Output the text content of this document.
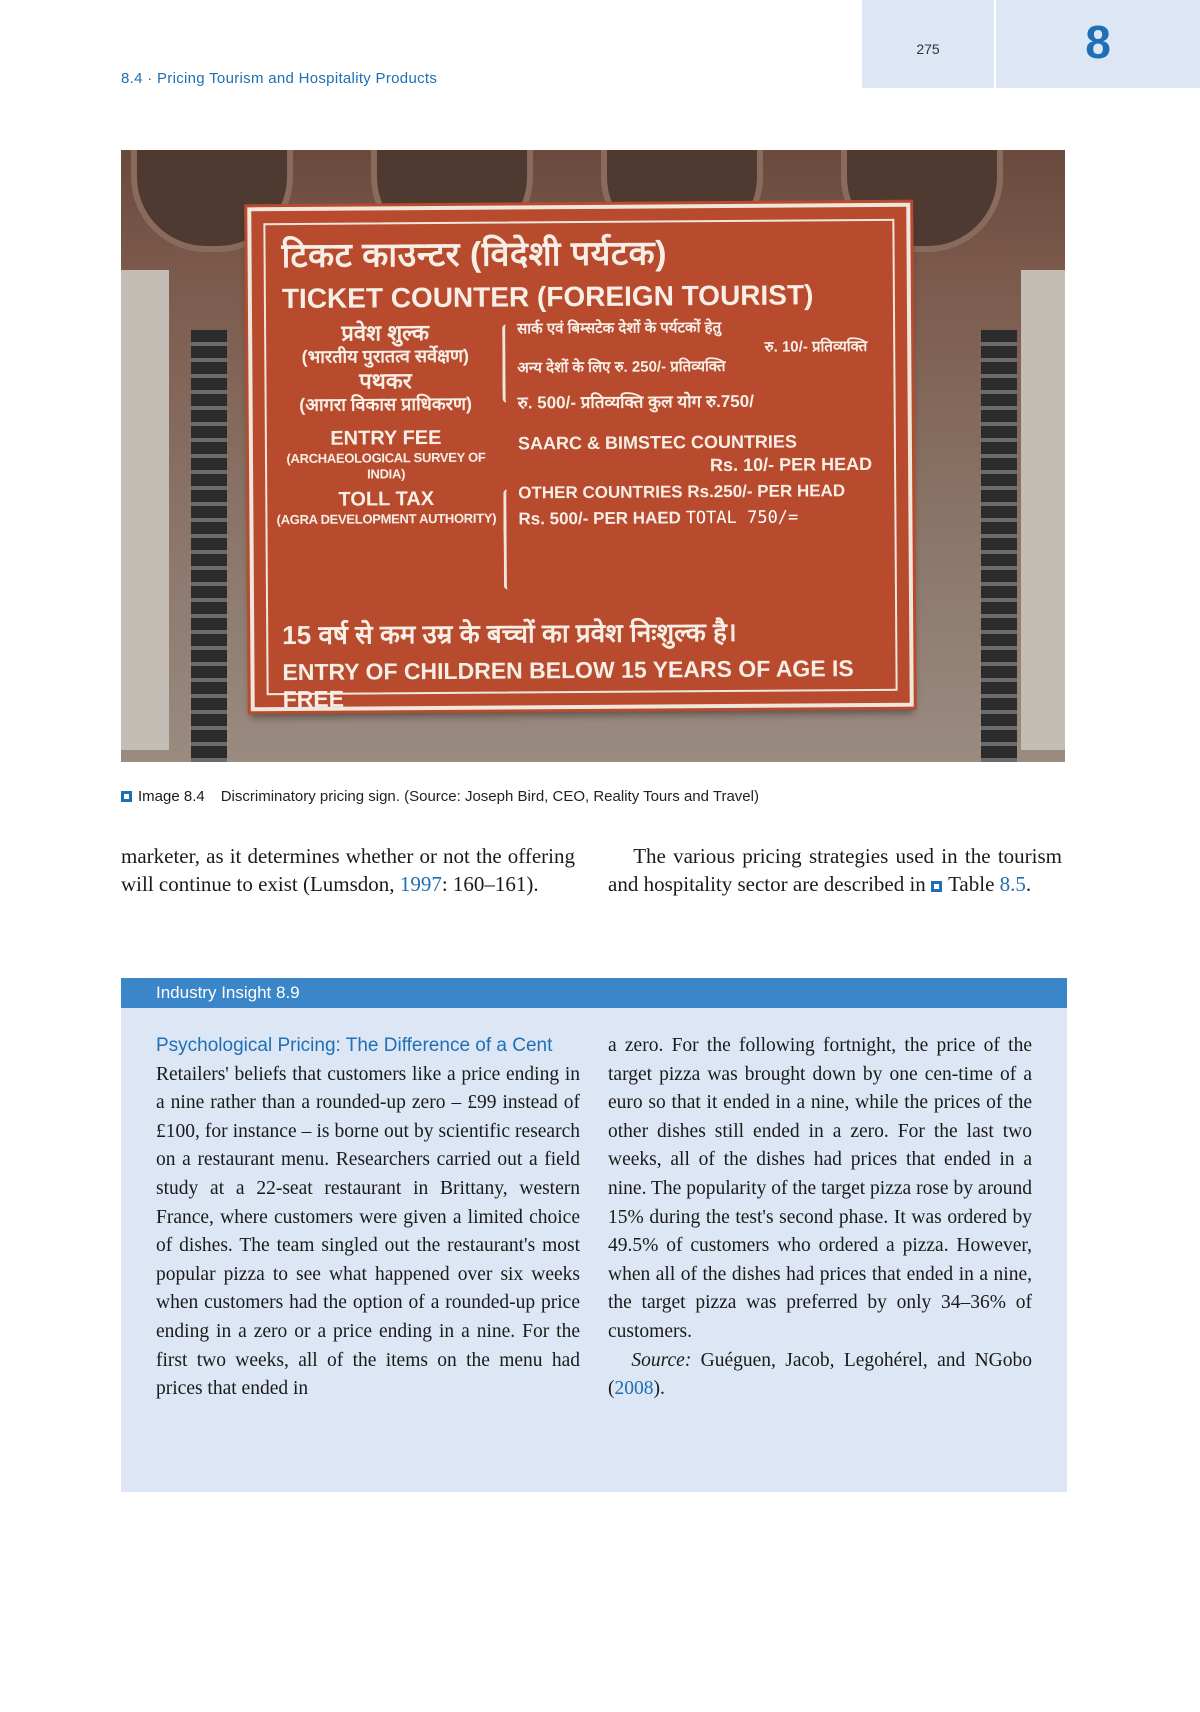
8.4 · Pricing Tourism and Hospitality Products
275	8
टिकट काउन्टर (विदेशी पर्यटक)
TICKET COUNTER (FOREIGN TOURIST)
प्रवेश शुल्क
(भारतीय पुरातत्व सर्वेक्षण)
पथकर
(आगरा विकास प्राधिकरण)
ENTRY FEE
(ARCHAEOLOGICAL SURVEY OF INDIA)
TOLL TAX
(AGRA DEVELOPMENT AUTHORITY)
सार्क एवं बिम्सटेक देशों के पर्यटकों हेतु
रु. 10/- प्रतिव्यक्ति
अन्य देशों के लिए रु. 250/- प्रतिव्यक्ति
रु. 500/- प्रतिव्यक्ति कुल योग रु.750/
SAARC & BIMSTEC COUNTRIES
Rs. 10/- PER HEAD
OTHER COUNTRIES Rs.250/- PER HEAD
Rs. 500/- PER HAED TOTAL 750/=
15 वर्ष से कम उम्र के बच्चों का प्रवेश निःशुल्क है।
ENTRY OF CHILDREN BELOW 15 YEARS OF AGE IS FREE
Image 8.4 Discriminatory pricing sign. (Source: Joseph Bird, CEO, Reality Tours and Travel)
marketer, as it determines whether or not the offering will continue to exist (Lumsdon, 1997: 160–161).
The various pricing strategies used in the tourism and hospitality sector are described in Table 8.5.
Industry Insight 8.9
Psychological Pricing: The Difference of a Cent
Retailers' beliefs that customers like a price ending in a nine rather than a rounded-up zero – £99 instead of £100, for instance – is borne out by scientific research on a restaurant menu. Researchers carried out a field study at a 22-seat restaurant in Brittany, western France, where customers were given a limited choice of dishes. The team singled out the restaurant's most popular pizza to see what happened over six weeks when customers had the option of a rounded-up price ending in a zero or a price ending in a nine. For the first two weeks, all of the items on the menu had prices that ended in
a zero. For the following fortnight, the price of the target pizza was brought down by one cen-time of a euro so that it ended in a nine, while the prices of the other dishes still ended in a zero. For the last two weeks, all of the dishes had prices that ended in a nine. The popularity of the target pizza rose by around 15% during the test's second phase. It was ordered by 49.5% of customers who ordered a pizza. However, when all of the dishes had prices that ended in a nine, the target pizza was preferred by only 34–36% of customers.
Source: Guéguen, Jacob, Legohérel, and NGobo (2008).
